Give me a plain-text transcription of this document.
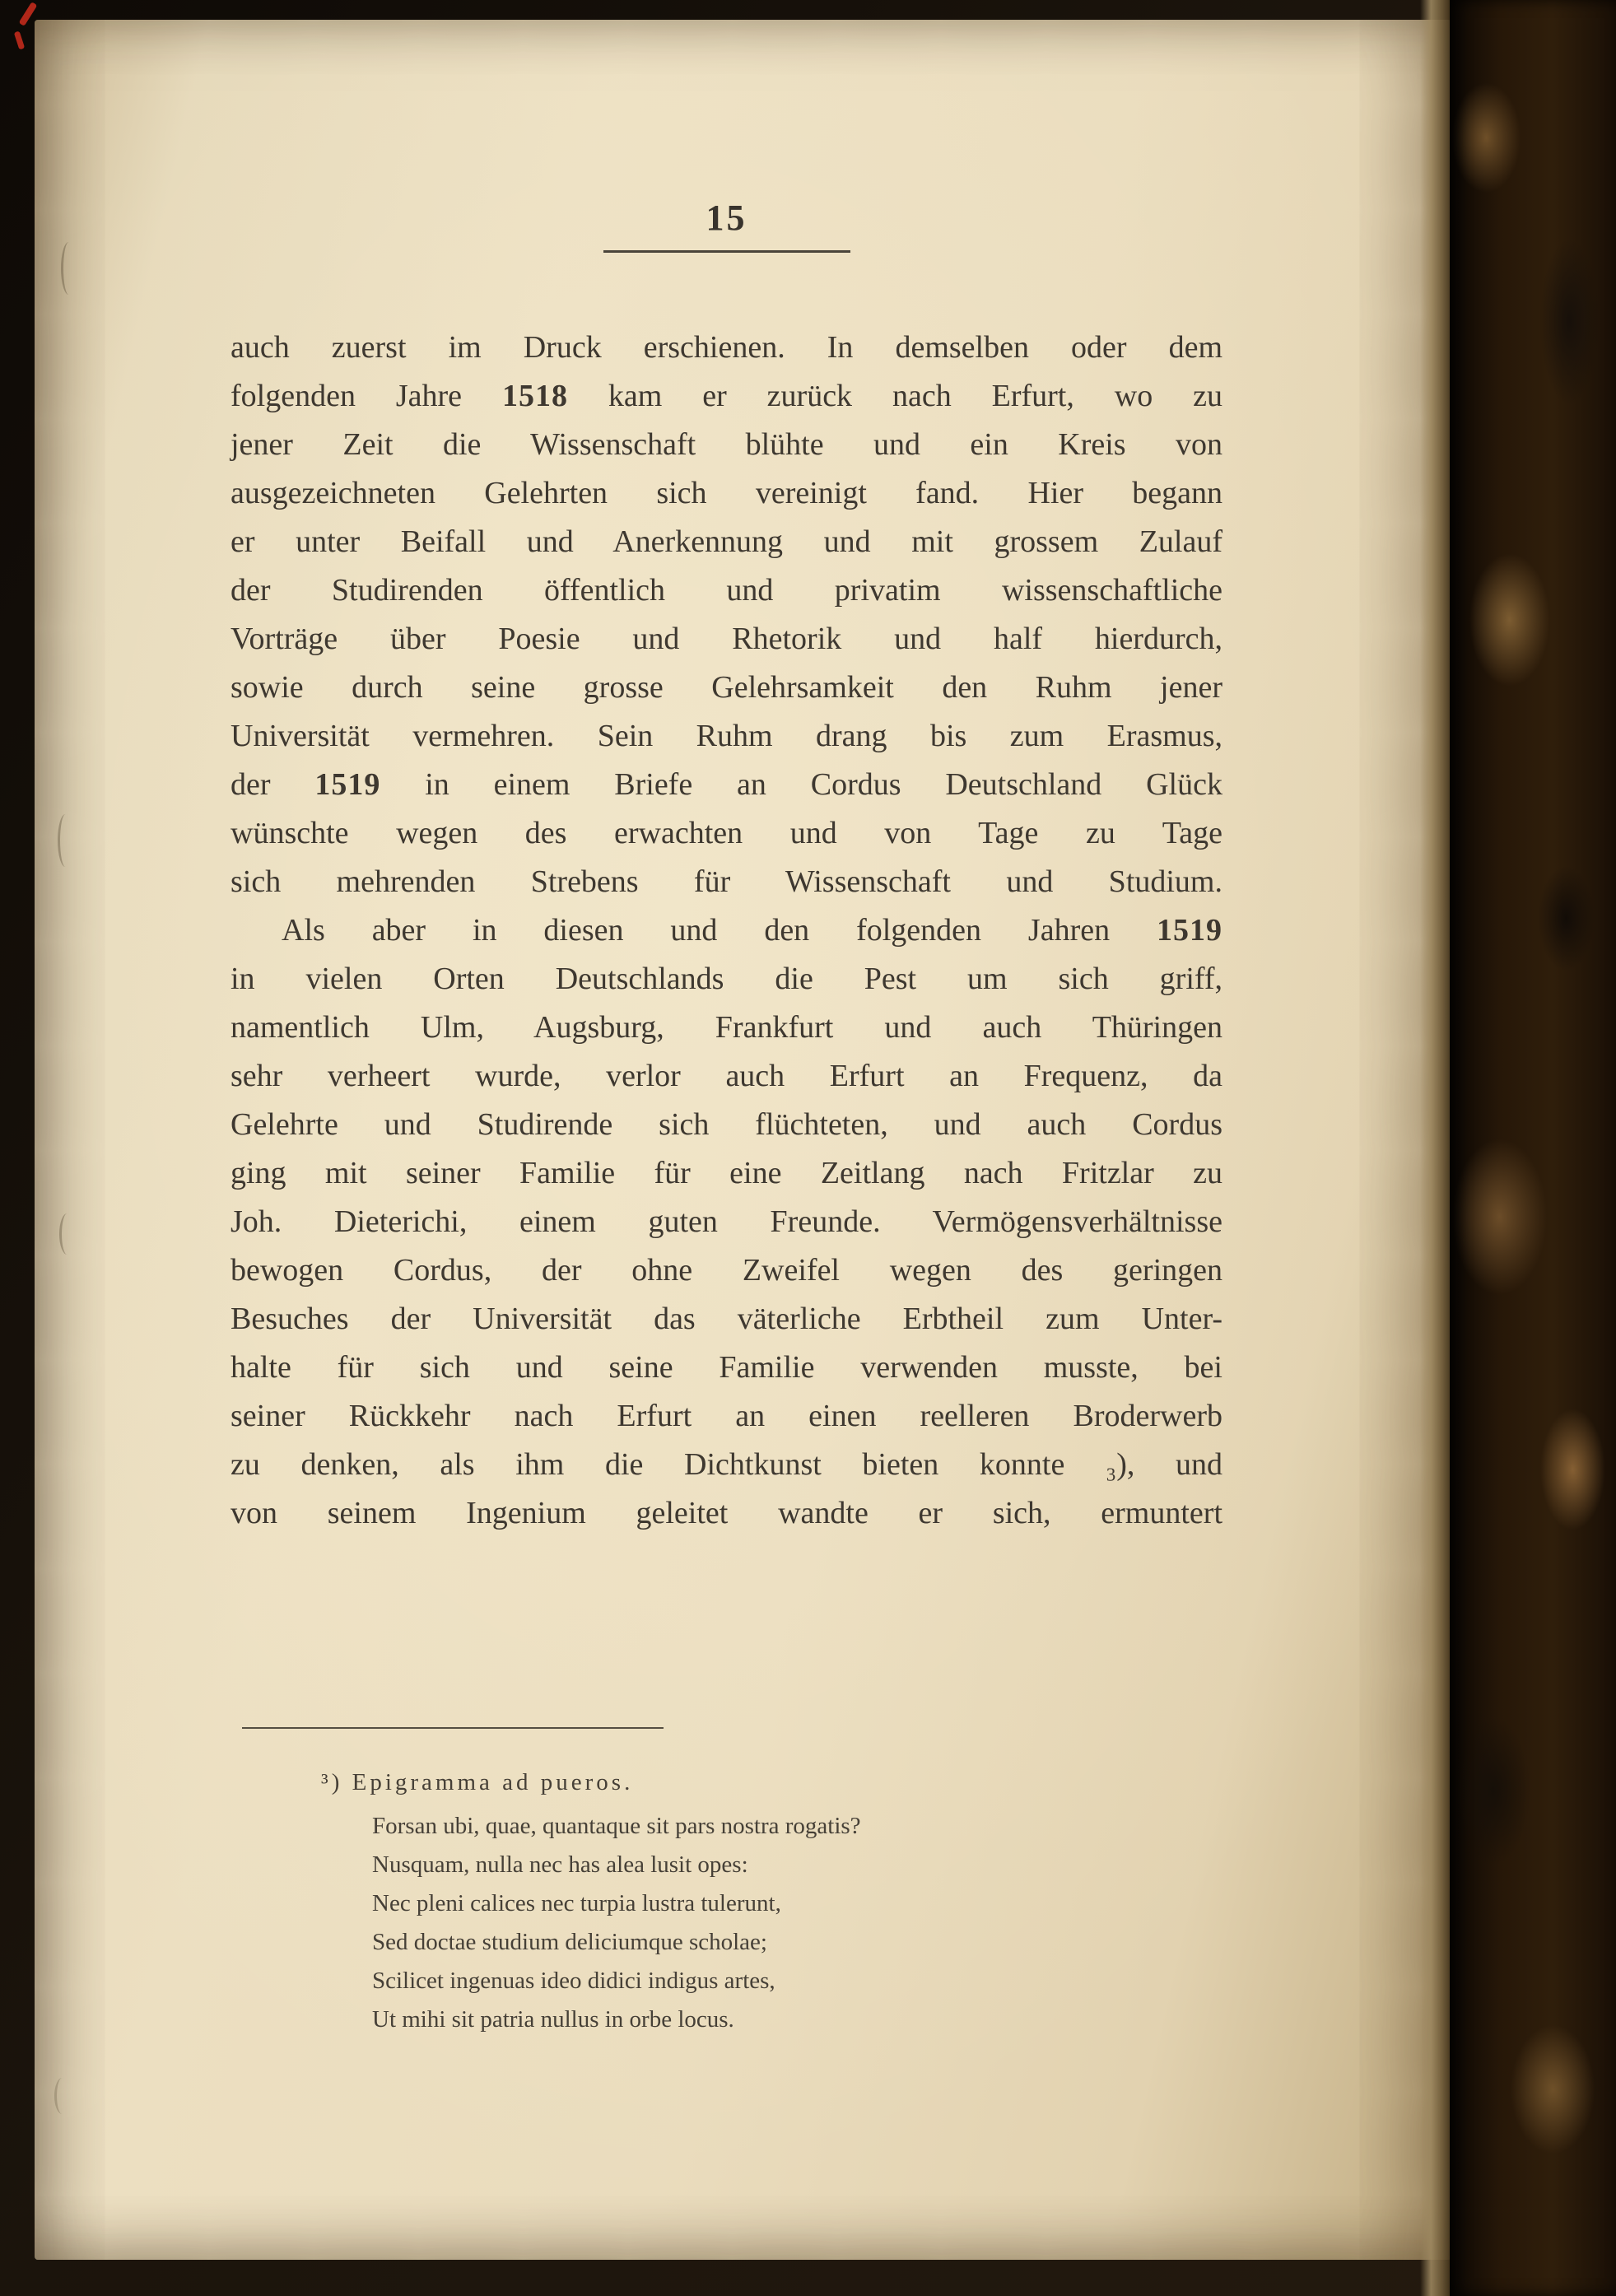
15
auch zuerst im Druck erschienen. In demselben oder dem
folgenden Jahre 1518 kam er zurück nach Erfurt, wo zu
jener Zeit die Wissenschaft blühte und ein Kreis von
ausgezeichneten Gelehrten sich vereinigt fand. Hier begann
er unter Beifall und Anerkennung und mit grossem Zulauf
der Studirenden öffentlich und privatim wissenschaftliche
Vorträge über Poesie und Rhetorik und half hierdurch,
sowie durch seine grosse Gelehrsamkeit den Ruhm jener
Universität vermehren. Sein Ruhm drang bis zum Erasmus,
der 1519 in einem Briefe an Cordus Deutschland Glück
wünschte wegen des erwachten und von Tage zu Tage
sich mehrenden Strebens für Wissenschaft und Studium.
Als aber in diesen und den folgenden Jahren 1519
in vielen Orten Deutschlands die Pest um sich griff,
namentlich Ulm, Augsburg, Frankfurt und auch Thüringen
sehr verheert wurde, verlor auch Erfurt an Frequenz, da
Gelehrte und Studirende sich flüchteten, und auch Cordus
ging mit seiner Familie für eine Zeitlang nach Fritzlar zu
Joh. Dieterichi, einem guten Freunde. Vermögensverhältnisse
bewogen Cordus, der ohne Zweifel wegen des geringen
Besuches der Universität das väterliche Erbtheil zum Unter-
halte für sich und seine Familie verwenden musste, bei
seiner Rückkehr nach Erfurt an einen reelleren Broderwerb
zu denken, als ihm die Dichtkunst bieten konnte ₃), und
von seinem Ingenium geleitet wandte er sich, ermuntert
³) Epigramma ad pueros.
Forsan ubi, quae, quantaque sit pars nostra rogatis?
Nusquam, nulla nec has alea lusit opes:
Nec pleni calices nec turpia lustra tulerunt,
Sed doctae studium deliciumque scholae;
Scilicet ingenuas ideo didici indigus artes,
Ut mihi sit patria nullus in orbe locus.
